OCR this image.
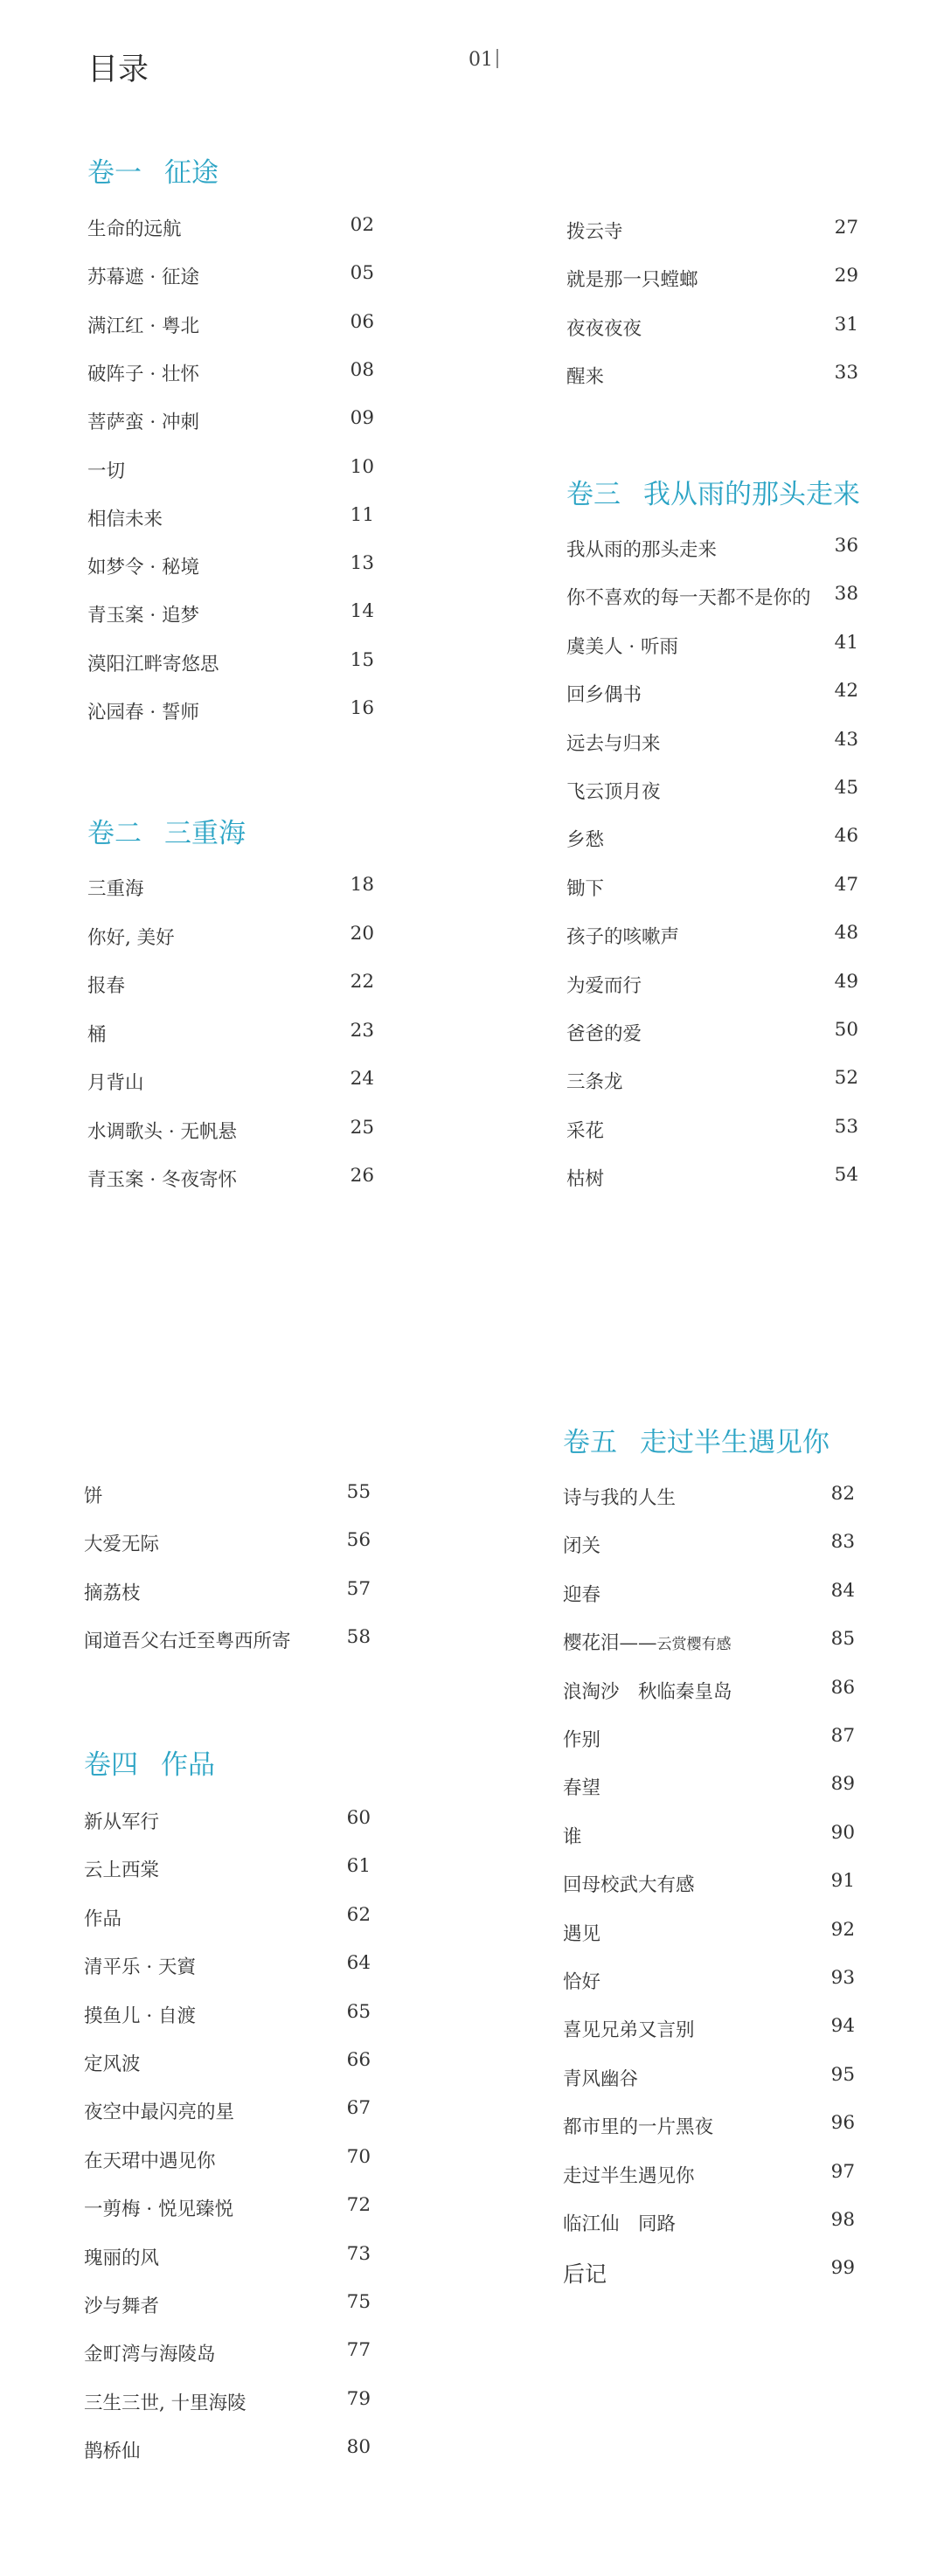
目录	01
卷一 征途
生命的远航	02
苏幕遮 · 征途	05
满江红 · 粤北	06
破阵子 · 壮怀	08
菩萨蛮 · 冲刺	09
一切	10
相信未来	11
如梦令 · 秘境	13
青玉案 · 追梦	14
漠阳江畔寄悠思	15
沁园春 · 誓师	16
卷二 三重海
三重海	18
你好, 美好	20
报春	22
桶	23
月背山	24
水调歌头 · 无帆悬	25
青玉案 · 冬夜寄怀	26
拨云寺	27
就是那一只螳螂	29
夜夜夜夜	31
醒来	33
卷三 我从雨的那头走来
我从雨的那头走来	36
你不喜欢的每一天都不是你的 38
虞美人 · 听雨	41
回乡偶书	42
远去与归来	43
飞云顶月夜	45
乡愁	46
锄下	47
孩子的咳嗽声	48
为爱而行	49
爸爸的爱	50
三条龙	52
采花	53
枯树	54
饼	55
大爱无际	56
摘荔枝	57
闻道吾父右迁至粤西所寄	58
卷四 作品
新从军行	60
云上西棠	61
作品	62
清平乐 · 天賨	64
摸鱼儿 · 自渡	65
定风波	66
夜空中最闪亮的星	67
在天珺中遇见你	70
一剪梅 · 悦见臻悦	72
瑰丽的风	73
沙与舞者	75
金町湾与海陵岛	77
三生三世, 十里海陵	79
鹊桥仙	80
卷五 走过半生遇见你
诗与我的人生	82
闭关	83
迎春	84
樱花泪——云赏樱有感	85
浪淘沙　秋临秦皇岛	86
作别	87
春望	89
谁	90
回母校武大有感	91
遇见	92
恰好	93
喜见兄弟又言别	94
青风幽谷	95
都市里的一片黑夜	96
走过半生遇见你	97
临江仙　同路	98
后记	99
